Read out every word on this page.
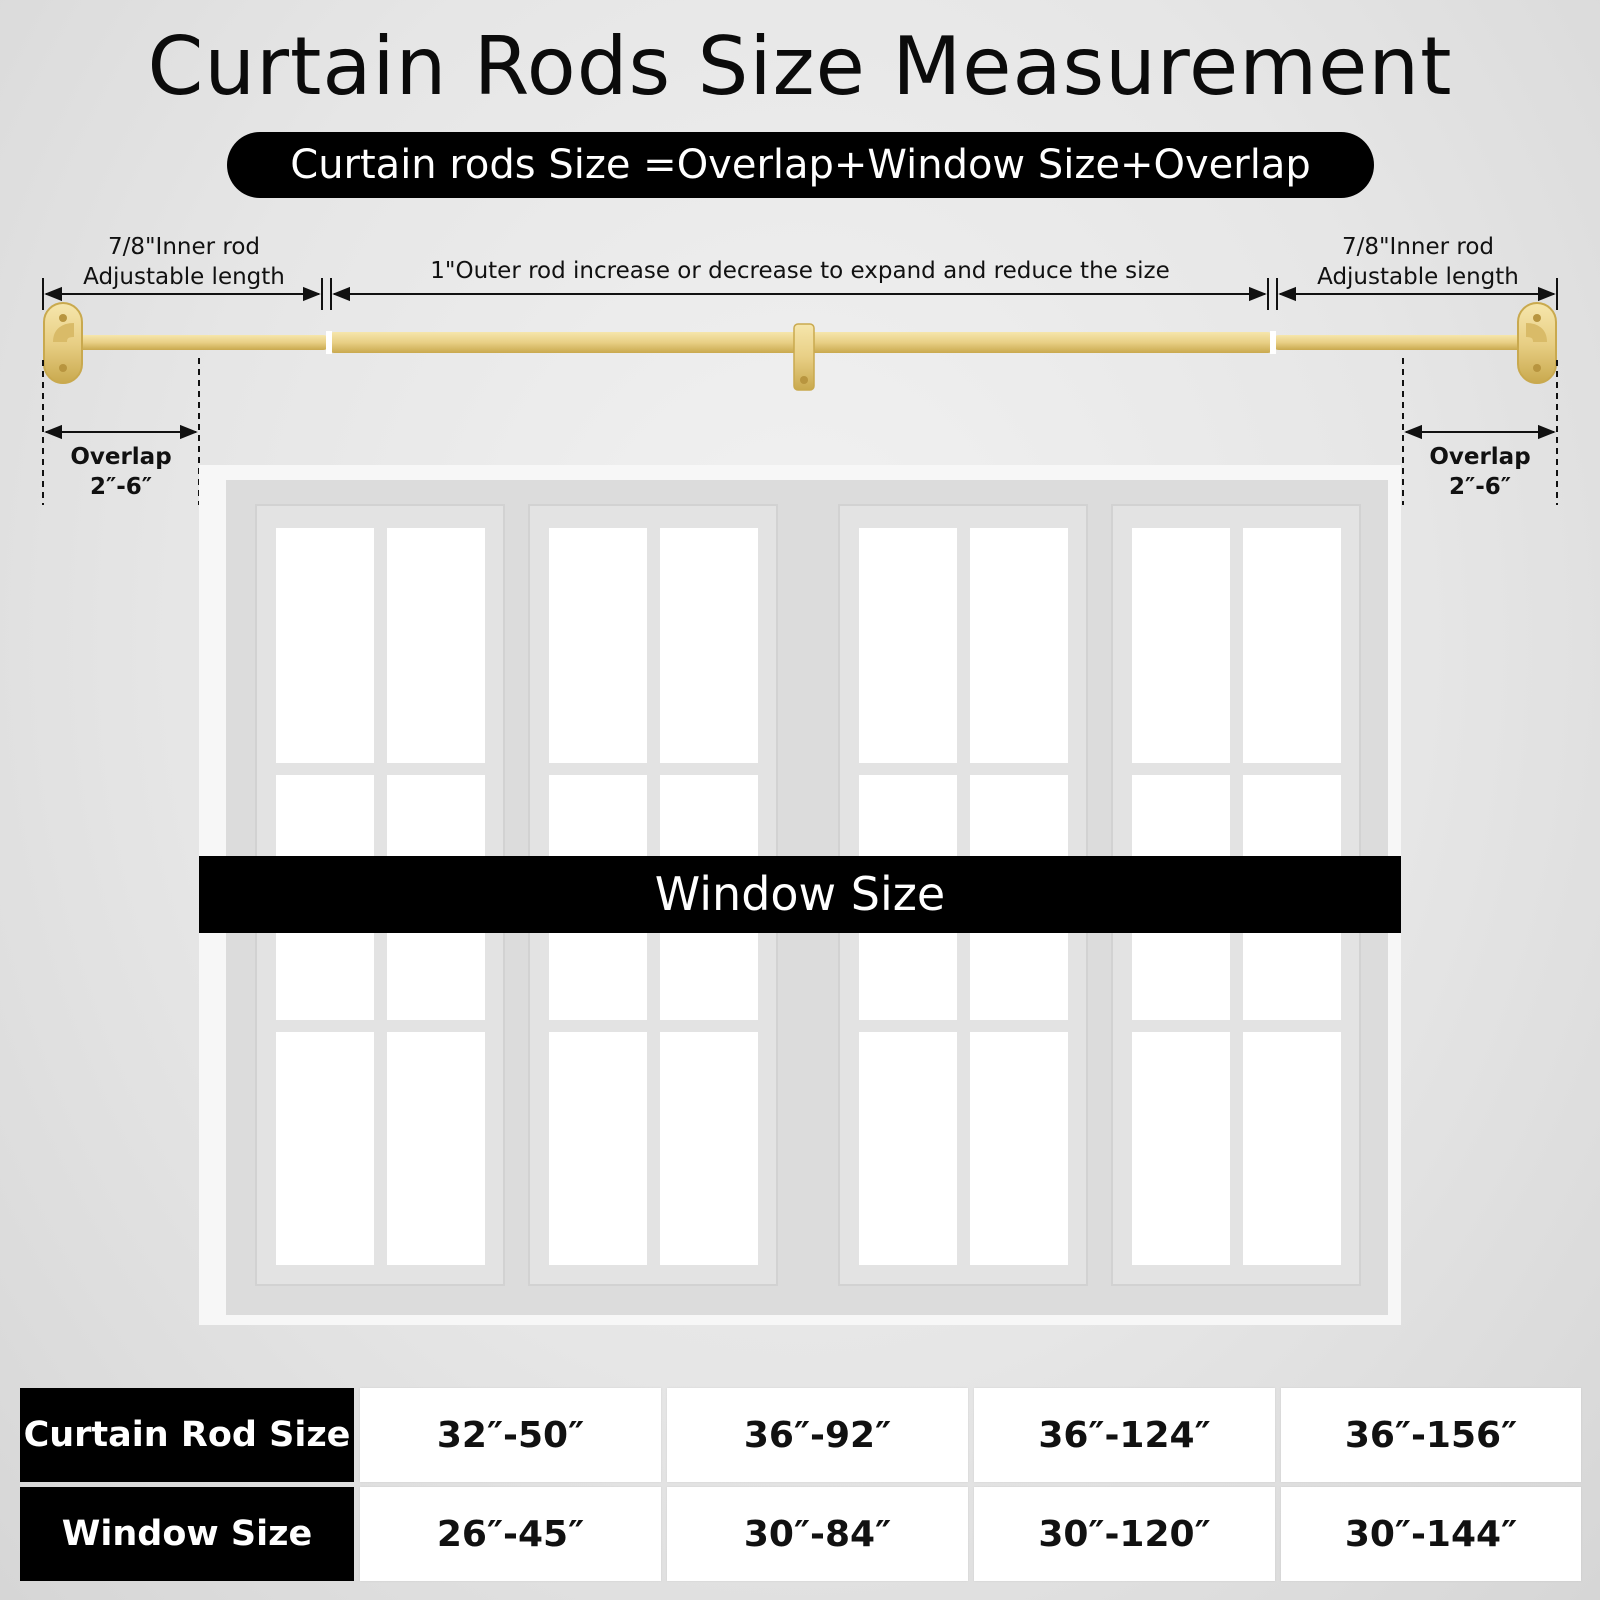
Curtain Rods Size Measurement
Curtain rods Size =Overlap+Window Size+Overlap
7/8"Inner rod
Adjustable length	1"Outer rod increase or decrease to expand and reduce the size
7/8"Inner rod
Adjustable length
Overlap
2″-6″
Overlap
2″-6″
Window Size
Curtain Rod Size	32″-50″	36″-92″	36″-124″	36″-156″
Window Size	26″-45″	30″-84″	30″-120″	30″-144″
